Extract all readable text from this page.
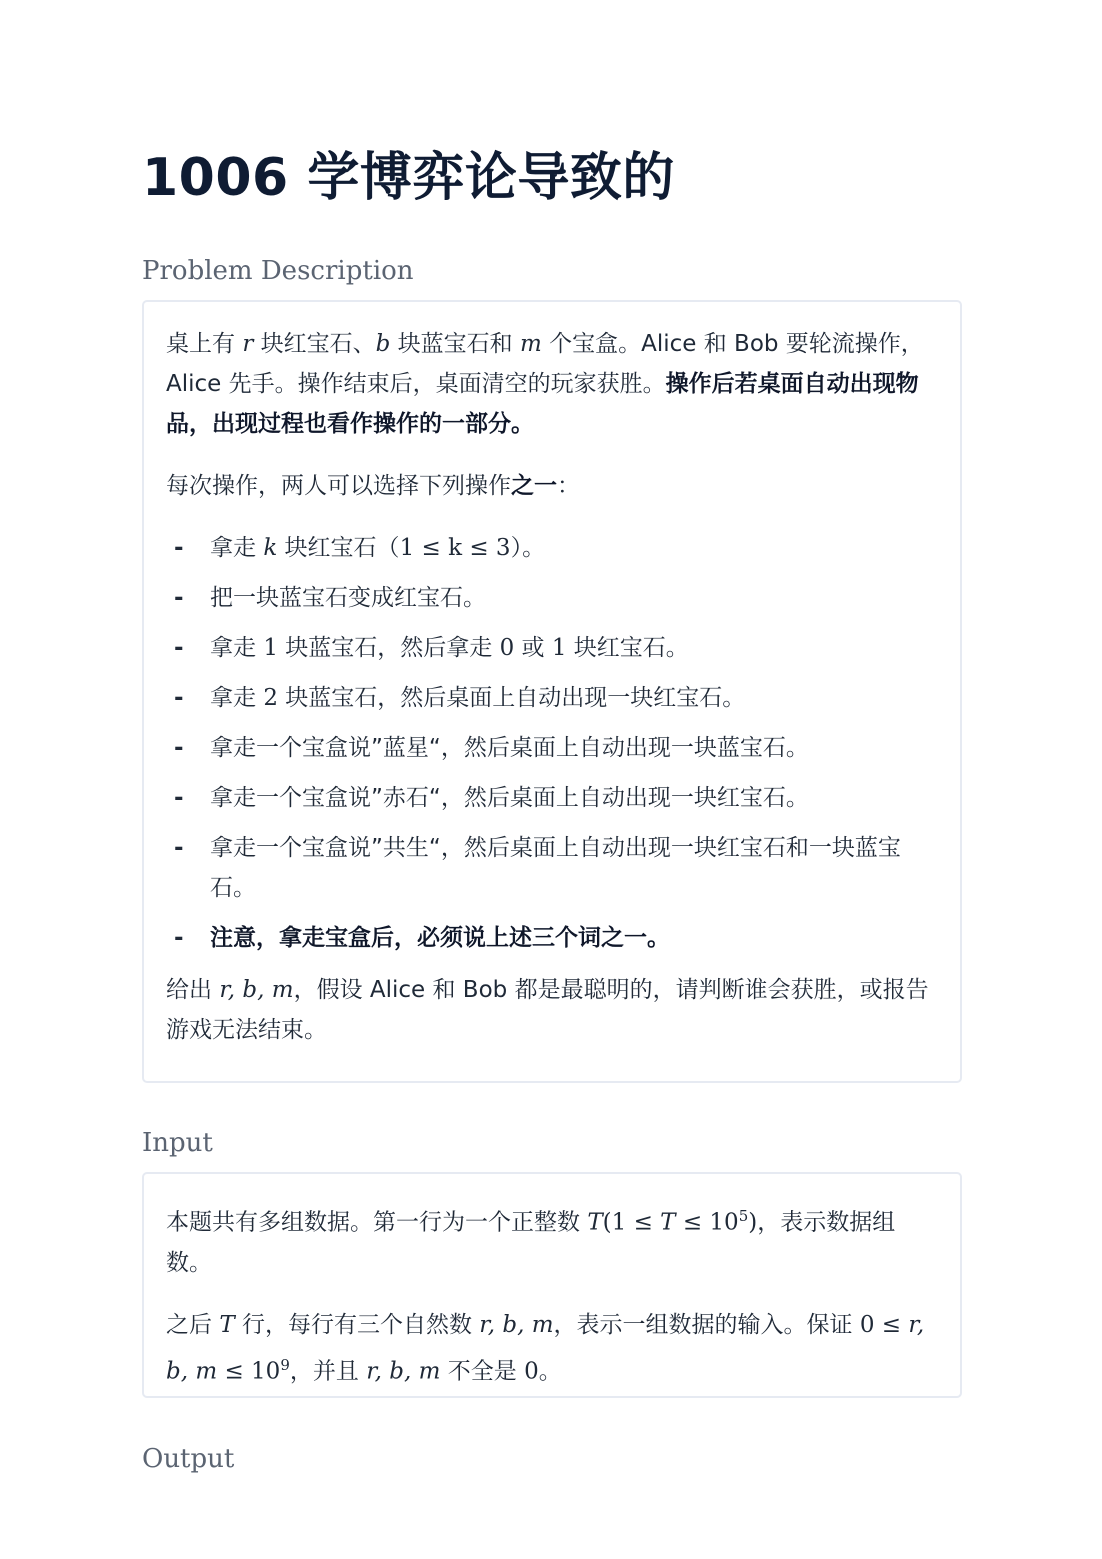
1006 学博弈论导致的
Problem Description

桌上有 r 块红宝石、b 块蓝宝石和 m 个宝盒。Alice 和 Bob 要轮流操作，Alice 先手。操作结束后，桌面清空的玩家获胜。操作后若桌面自动出现物品，出现过程也看作操作的一部分。

每次操作，两人可以选择下列操作之一：

- 拿走 k 块红宝石（1 ≤ k ≤ 3）。
- 把一块蓝宝石变成红宝石。
- 拿走 1 块蓝宝石，然后拿走 0 或 1 块红宝石。
- 拿走 2 块蓝宝石，然后桌面上自动出现一块红宝石。
- 拿走一个宝盒说”蓝星“，然后桌面上自动出现一块蓝宝石。
- 拿走一个宝盒说”赤石“，然后桌面上自动出现一块红宝石。
- 拿走一个宝盒说”共生“，然后桌面上自动出现一块红宝石和一块蓝宝石。
- 注意，拿走宝盒后，必须说上述三个词之一。

给出 r, b, m，假设 Alice 和 Bob 都是最聪明的，请判断谁会获胜，或报告游戏无法结束。

Input

本题共有多组数据。第一行为一个正整数 $T(1 \le T \le 10^5)$，表示数据组数。

之后 T 行，每行有三个自然数 r, b, m，表示一组数据的输入。保证 0 ≤ r, b, $m \le 10^9$，并且 r, b, m 不全是 0。

Output
